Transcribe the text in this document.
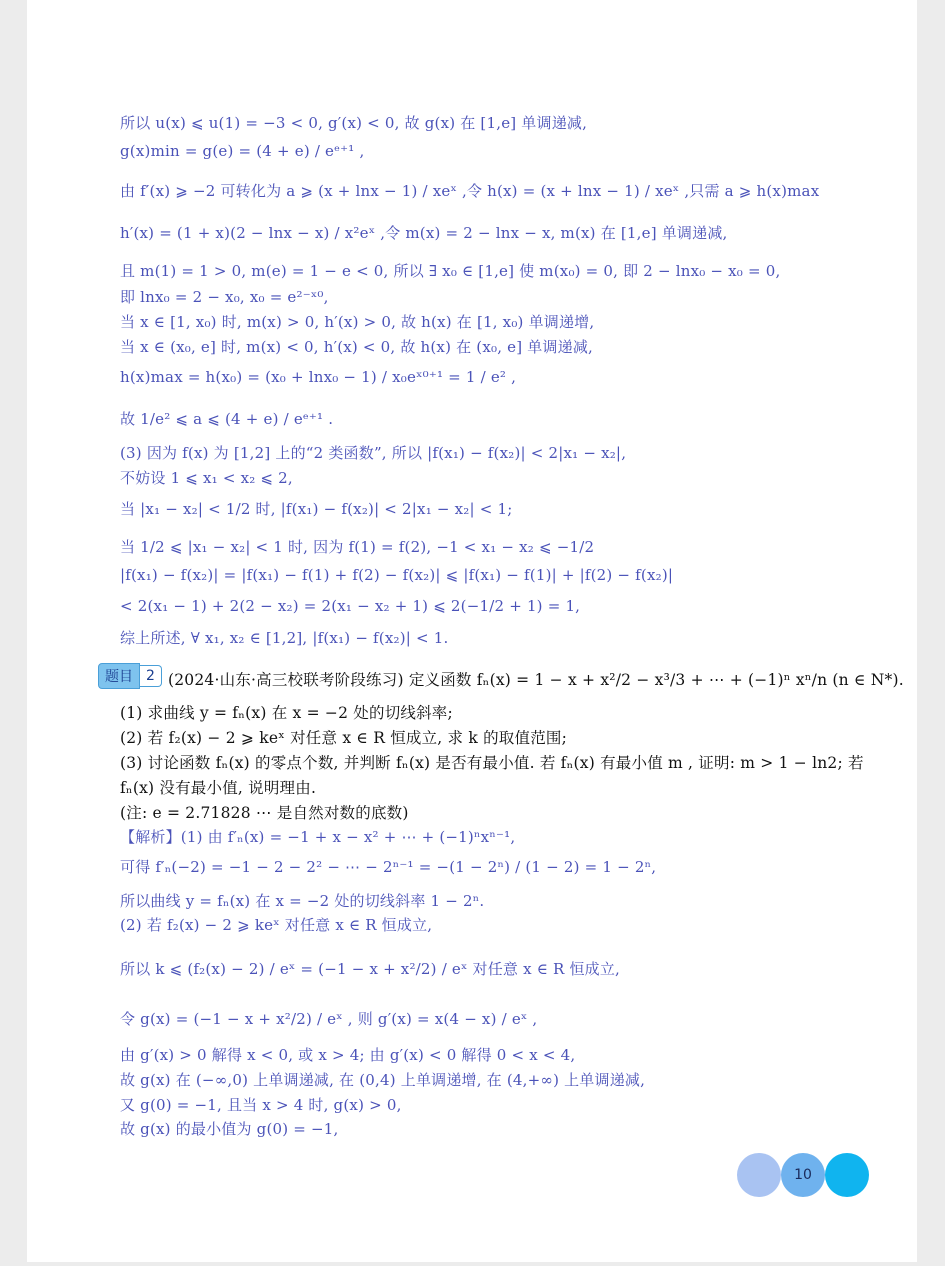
所以 u(x) ⩽ u(1) = −3 < 0, g′(x) < 0, 故 g(x) 在 [1,e] 单调递减,
g(x)min = g(e) = (4 + e) / eᵉ⁺¹ ,
由 f′(x) ⩾ −2 可转化为 a ⩾ (x + lnx − 1) / xeˣ ,令 h(x) = (x + lnx − 1) / xeˣ ,只需 a ⩾ h(x)max
h′(x) = (1 + x)(2 − lnx − x) / x²eˣ ,令 m(x) = 2 − lnx − x, m(x) 在 [1,e] 单调递减,
且 m(1) = 1 > 0, m(e) = 1 − e < 0, 所以 ∃ x₀ ∈ [1,e] 使 m(x₀) = 0, 即 2 − lnx₀ − x₀ = 0,
即 lnx₀ = 2 − x₀, x₀ = e²⁻ˣ⁰,
当 x ∈ [1, x₀) 时, m(x) > 0, h′(x) > 0, 故 h(x) 在 [1, x₀) 单调递增,
当 x ∈ (x₀, e] 时, m(x) < 0, h′(x) < 0, 故 h(x) 在 (x₀, e] 单调递减,
h(x)max = h(x₀) = (x₀ + lnx₀ − 1) / x₀eˣ⁰⁺¹ = 1 / e² ,
故 1/e² ⩽ a ⩽ (4 + e) / eᵉ⁺¹ .
(3) 因为 f(x) 为 [1,2] 上的“2 类函数”, 所以 |f(x₁) − f(x₂)| < 2|x₁ − x₂|,
不妨设 1 ⩽ x₁ < x₂ ⩽ 2,
当 |x₁ − x₂| < 1/2 时, |f(x₁) − f(x₂)| < 2|x₁ − x₂| < 1;
当 1/2 ⩽ |x₁ − x₂| < 1 时, 因为 f(1) = f(2), −1 < x₁ − x₂ ⩽ −1/2
|f(x₁) − f(x₂)| = |f(x₁) − f(1) + f(2) − f(x₂)| ⩽ |f(x₁) − f(1)| + |f(2) − f(x₂)|
< 2(x₁ − 1) + 2(2 − x₂) = 2(x₁ − x₂ + 1) ⩽ 2(−1/2 + 1) = 1,
综上所述, ∀ x₁, x₂ ∈ [1,2], |f(x₁) − f(x₂)| < 1.
题目 2 (2024·山东·高三校联考阶段练习) 定义函数 fₙ(x) = 1 − x + x²/2 − x³/3 + ⋯ + (−1)ⁿ xⁿ/n (n ∈ N*).
(1) 求曲线 y = fₙ(x) 在 x = −2 处的切线斜率;
(2) 若 f₂(x) − 2 ⩾ keˣ 对任意 x ∈ R 恒成立, 求 k 的取值范围;
(3) 讨论函数 fₙ(x) 的零点个数, 并判断 fₙ(x) 是否有最小值. 若 fₙ(x) 有最小值 m , 证明: m > 1 − ln2; 若
fₙ(x) 没有最小值, 说明理由.
(注: e = 2.71828 ⋯ 是自然对数的底数)
【解析】(1) 由 f′ₙ(x) = −1 + x − x² + ⋯ + (−1)ⁿxⁿ⁻¹,
可得 f′ₙ(−2) = −1 − 2 − 2² − ⋯ − 2ⁿ⁻¹ = −(1 − 2ⁿ) / (1 − 2) = 1 − 2ⁿ,
所以曲线 y = fₙ(x) 在 x = −2 处的切线斜率 1 − 2ⁿ.
(2) 若 f₂(x) − 2 ⩾ keˣ 对任意 x ∈ R 恒成立,
所以 k ⩽ (f₂(x) − 2) / eˣ = (−1 − x + x²/2) / eˣ 对任意 x ∈ R 恒成立,
令 g(x) = (−1 − x + x²/2) / eˣ , 则 g′(x) = x(4 − x) / eˣ ,
由 g′(x) > 0 解得 x < 0, 或 x > 4; 由 g′(x) < 0 解得 0 < x < 4,
故 g(x) 在 (−∞,0) 上单调递减, 在 (0,4) 上单调递增, 在 (4,+∞) 上单调递减,
又 g(0) = −1, 且当 x > 4 时, g(x) > 0,
故 g(x) 的最小值为 g(0) = −1,
10
